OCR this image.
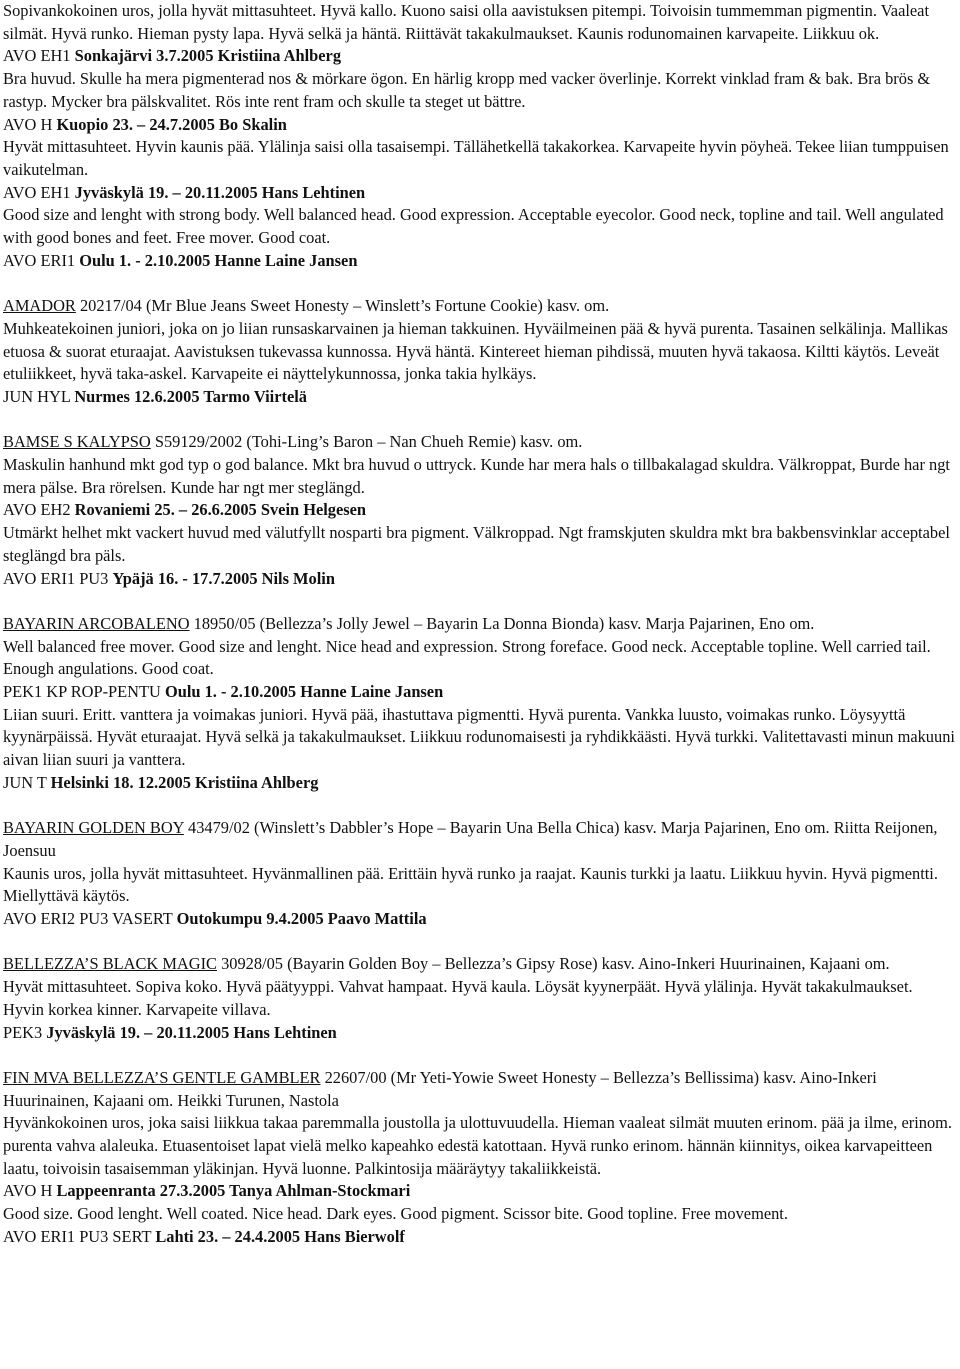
Sopivankokoinen uros, jolla hyvät mittasuhteet. Hyvä kallo. Kuono saisi olla aavistuksen pitempi. Toivoisin tummemman pigmentin. Vaaleat silmät. Hyvä runko. Hieman pysty lapa. Hyvä selkä ja häntä. Riittävät takakulmaukset. Kaunis rodunomainen karvapeite. Liikkuu ok.

AVO EH1 Sonkajärvi 3.7.2005 Kristiina Ahlberg

Bra huvud. Skulle ha mera pigmenterad nos & mörkare ögon. En härlig kropp med vacker överlinje. Korrekt vinklad fram & bak. Bra brös & rastyp. Mycker bra pälskvalitet. Rös inte rent fram och skulle ta steget ut bättre.

AVO H Kuopio 23. – 24.7.2005 Bo Skalin

Hyvät mittasuhteet. Hyvin kaunis pää. Ylälinja saisi olla tasaisempi. Tällähetkellä takakorkea. Karvapeite hyvin pöyheä. Tekee liian tumppuisen vaikutelman.

AVO EH1 Jyväskylä 19. – 20.11.2005 Hans Lehtinen

Good size and lenght with strong body. Well balanced head. Good expression. Acceptable eyecolor. Good neck, topline and tail. Well angulated with good bones and feet. Free mover. Good coat.

AVO ERI1 Oulu 1. - 2.10.2005 Hanne Laine Jansen

AMADOR 20217/04 (Mr Blue Jeans Sweet Honesty – Winslett’s Fortune Cookie) kasv. om.

Muhkeatekoinen juniori, joka on jo liian runsaskarvainen ja hieman takkuinen. Hyväilmeinen pää & hyvä purenta. Tasainen selkälinja. Mallikas etuosa & suorat eturaajat. Aavistuksen tukevassa kunnossa. Hyvä häntä. Kintereet hieman pihdissä, muuten hyvä takaosa. Kiltti käytös. Leveät etuliikkeet, hyvä taka-askel. Karvapeite ei näyttelykunnossa, jonka takia hylkäys.

JUN HYL Nurmes 12.6.2005 Tarmo Viirtelä

BAMSE S KALYPSO S59129/2002 (Tohi-Ling’s Baron – Nan Chueh Remie) kasv. om.

Maskulin hanhund mkt god typ o god balance. Mkt bra huvud o uttryck. Kunde har mera hals o tillbakalagad skuldra. Välkroppat, Burde har ngt mera pälse. Bra rörelsen. Kunde har ngt mer steglängd.

AVO EH2 Rovaniemi 25. – 26.6.2005 Svein Helgesen

Utmärkt helhet mkt vackert huvud med välutfyllt nosparti bra pigment. Välkroppad. Ngt framskjuten skuldra mkt bra bakbensvinklar acceptabel steglängd bra päls.

AVO ERI1 PU3 Ypäjä 16. - 17.7.2005 Nils Molin

BAYARIN ARCOBALENO 18950/05 (Bellezza’s Jolly Jewel – Bayarin La Donna Bionda) kasv. Marja Pajarinen, Eno om.

Well balanced free mover. Good size and lenght. Nice head and expression. Strong foreface. Good neck. Acceptable topline. Well carried tail. Enough angulations. Good coat.

PEK1 KP ROP-PENTU Oulu 1. - 2.10.2005 Hanne Laine Jansen

Liian suuri. Eritt. vanttera ja voimakas juniori. Hyvä pää, ihastuttava pigmentti. Hyvä purenta. Vankka luusto, voimakas runko. Löysyyttä kyynärpäissä. Hyvät eturaajat. Hyvä selkä ja takakulmaukset. Liikkuu rodunomaisesti ja ryhdikkäästi. Hyvä turkki. Valitettavasti minun makuuni aivan liian suuri ja vanttera.

JUN T Helsinki 18. 12.2005 Kristiina Ahlberg

BAYARIN GOLDEN BOY 43479/02 (Winslett’s Dabbler’s Hope – Bayarin Una Bella Chica) kasv. Marja Pajarinen, Eno om. Riitta Reijonen, Joensuu

Kaunis uros, jolla hyvät mittasuhteet. Hyvänmallinen pää. Erittäin hyvä runko ja raajat. Kaunis turkki ja laatu. Liikkuu hyvin. Hyvä pigmentti. Miellyttävä käytös.

AVO ERI2 PU3 VASERT Outokumpu 9.4.2005 Paavo Mattila

BELLEZZA’S BLACK MAGIC 30928/05 (Bayarin Golden Boy – Bellezza’s Gipsy Rose) kasv. Aino-Inkeri Huurinainen, Kajaani om.

Hyvät mittasuhteet. Sopiva koko. Hyvä päätyyppi. Vahvat hampaat. Hyvä kaula. Löysät kyynerpäät. Hyvä ylälinja. Hyvät takakulmaukset. Hyvin korkea kinner. Karvapeite villava.

PEK3 Jyväskylä 19. – 20.11.2005 Hans Lehtinen

FIN MVA BELLEZZA’S GENTLE GAMBLER 22607/00 (Mr Yeti-Yowie Sweet Honesty – Bellezza’s Bellissima) kasv. Aino-Inkeri Huurinainen, Kajaani om. Heikki Turunen, Nastola

Hyvänkokoinen uros, joka saisi liikkua takaa paremmalla joustolla ja ulottuvuudella. Hieman vaaleat silmät muuten erinom. pää ja ilme, erinom. purenta vahva alaleuka. Etuasentoiset lapat vielä melko kapeahko edestä katottaan. Hyvä runko erinom. hännän kiinnitys, oikea karvapeitteen laatu, toivoisin tasaisemman yläkinjan. Hyvä luonne. Palkintosija määräytyy takaliikkeistä.

AVO H Lappeenranta 27.3.2005 Tanya Ahlman-Stockmari

Good size. Good lenght. Well coated. Nice head. Dark eyes. Good pigment. Scissor bite. Good topline. Free movement.

AVO ERI1 PU3 SERT Lahti 23. – 24.4.2005 Hans Bierwolf
